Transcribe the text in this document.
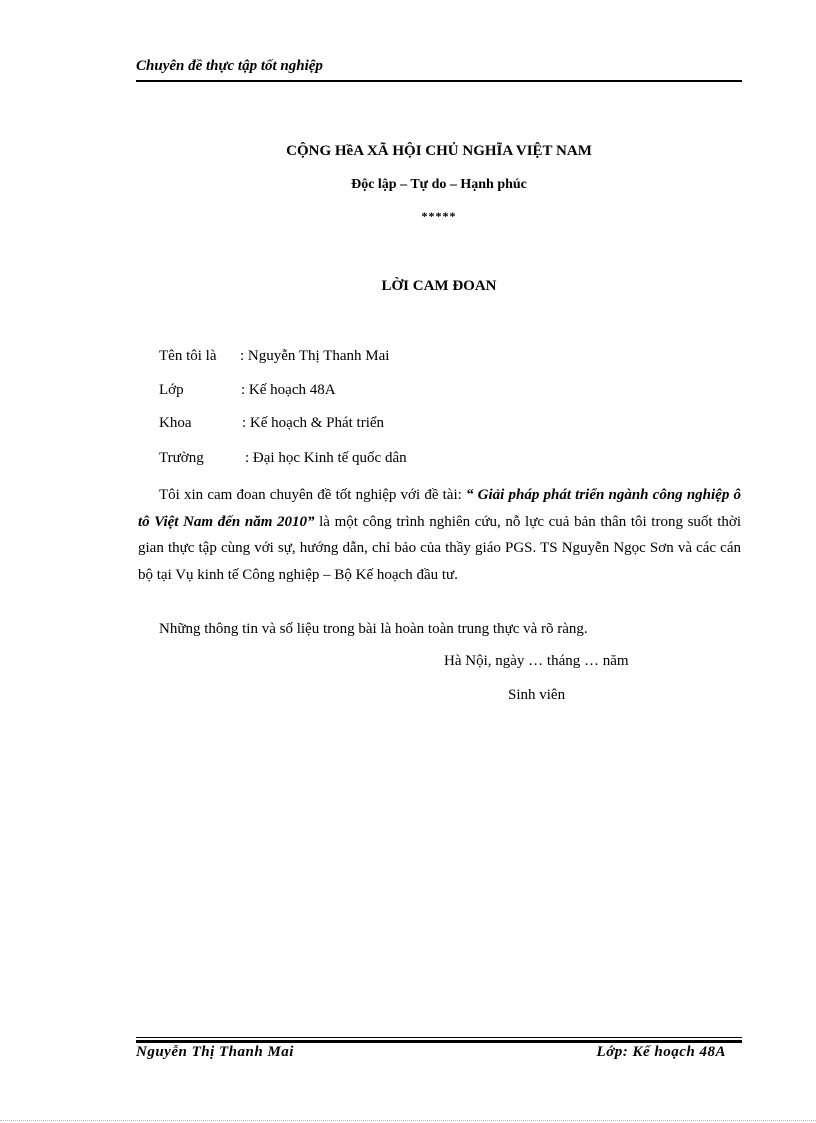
Chuyên đề thực tập tốt nghiệp
CỘNG HềA XÃ HỘI CHỦ NGHĨA VIỆT NAM
Độc lập – Tự do – Hạnh phúc
*****
LỜI CAM ĐOAN
Tên tôi là : Nguyễn Thị Thanh Mai
Lớp	: Kế hoạch 48A
Khoa	: Kế hoạch & Phát triển
Trường	: Đại học Kinh tế quốc dân

Tôi xin cam đoan chuyên đề tốt nghiệp với đề tài: “ Giải pháp phát triển ngành công nghiệp ô tô Việt Nam đến năm 2010” là một công trình nghiên cứu, nỗ lực cuả bản thân tôi trong suốt thời gian thực tập cùng với sự, hướng dẫn, chỉ bảo của thầy giáo PGS. TS Nguyễn Ngọc Sơn và các cán bộ tại Vụ kinh tế Công nghiệp – Bộ Kế hoạch đầu tư.

Những thông tin và số liệu trong bài là hoàn toàn trung thực và rõ ràng.
Hà Nội, ngày … tháng … năm
Sinh viên
Nguyễn Thị Thanh Mai	Lớp: Kế hoạch 48A
